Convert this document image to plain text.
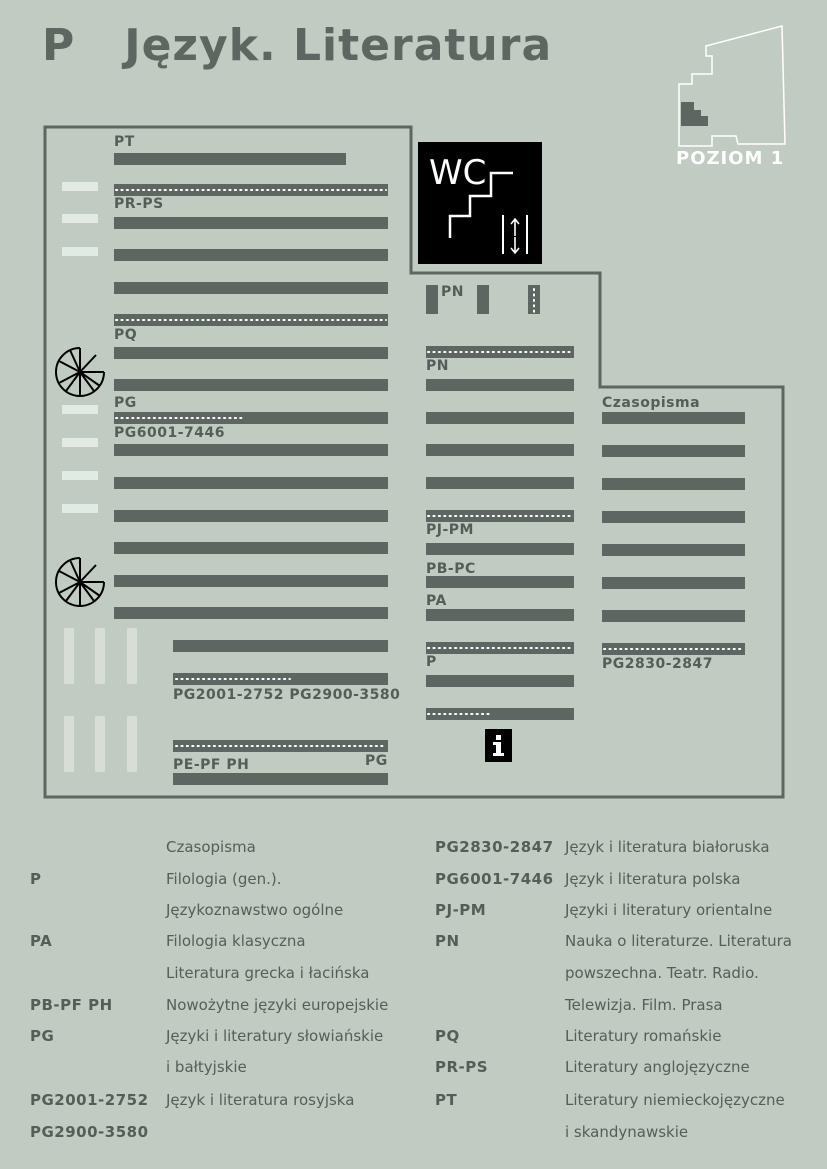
P Język. Literatura
WC	POZIOM 1
PT
PR-PS
PQ
PG
PG6001-7446
PN
PN
PJ-PM
PB-PC
PA
P
Czasopisma
PG2830-2847
PG2001-2752 PG2900-3580
PE-PF PH	PG
Czasopisma
P	Filologia (gen.).
Językoznawstwo ogólne
PA	Filologia klasyczna
Literatura grecka i łacińska
PB-PF PH	Nowożytne języki europejskie
PG	Języki i literatury słowiańskie
i bałtyjskie
PG2001-2752 Język i literatura rosyjska
PG2900-3580
PG2830-2847 Język i literatura białoruska
PG6001-7446 Język i literatura polska
PJ-PM	Języki i literatury orientalne
PN	Nauka o literaturze. Literatura
powszechna. Teatr. Radio.
Telewizja. Film. Prasa
PQ	Literatury romańskie
PR-PS	Literatury anglojęzyczne
PT	Literatury niemieckojęzyczne
i skandynawskie
